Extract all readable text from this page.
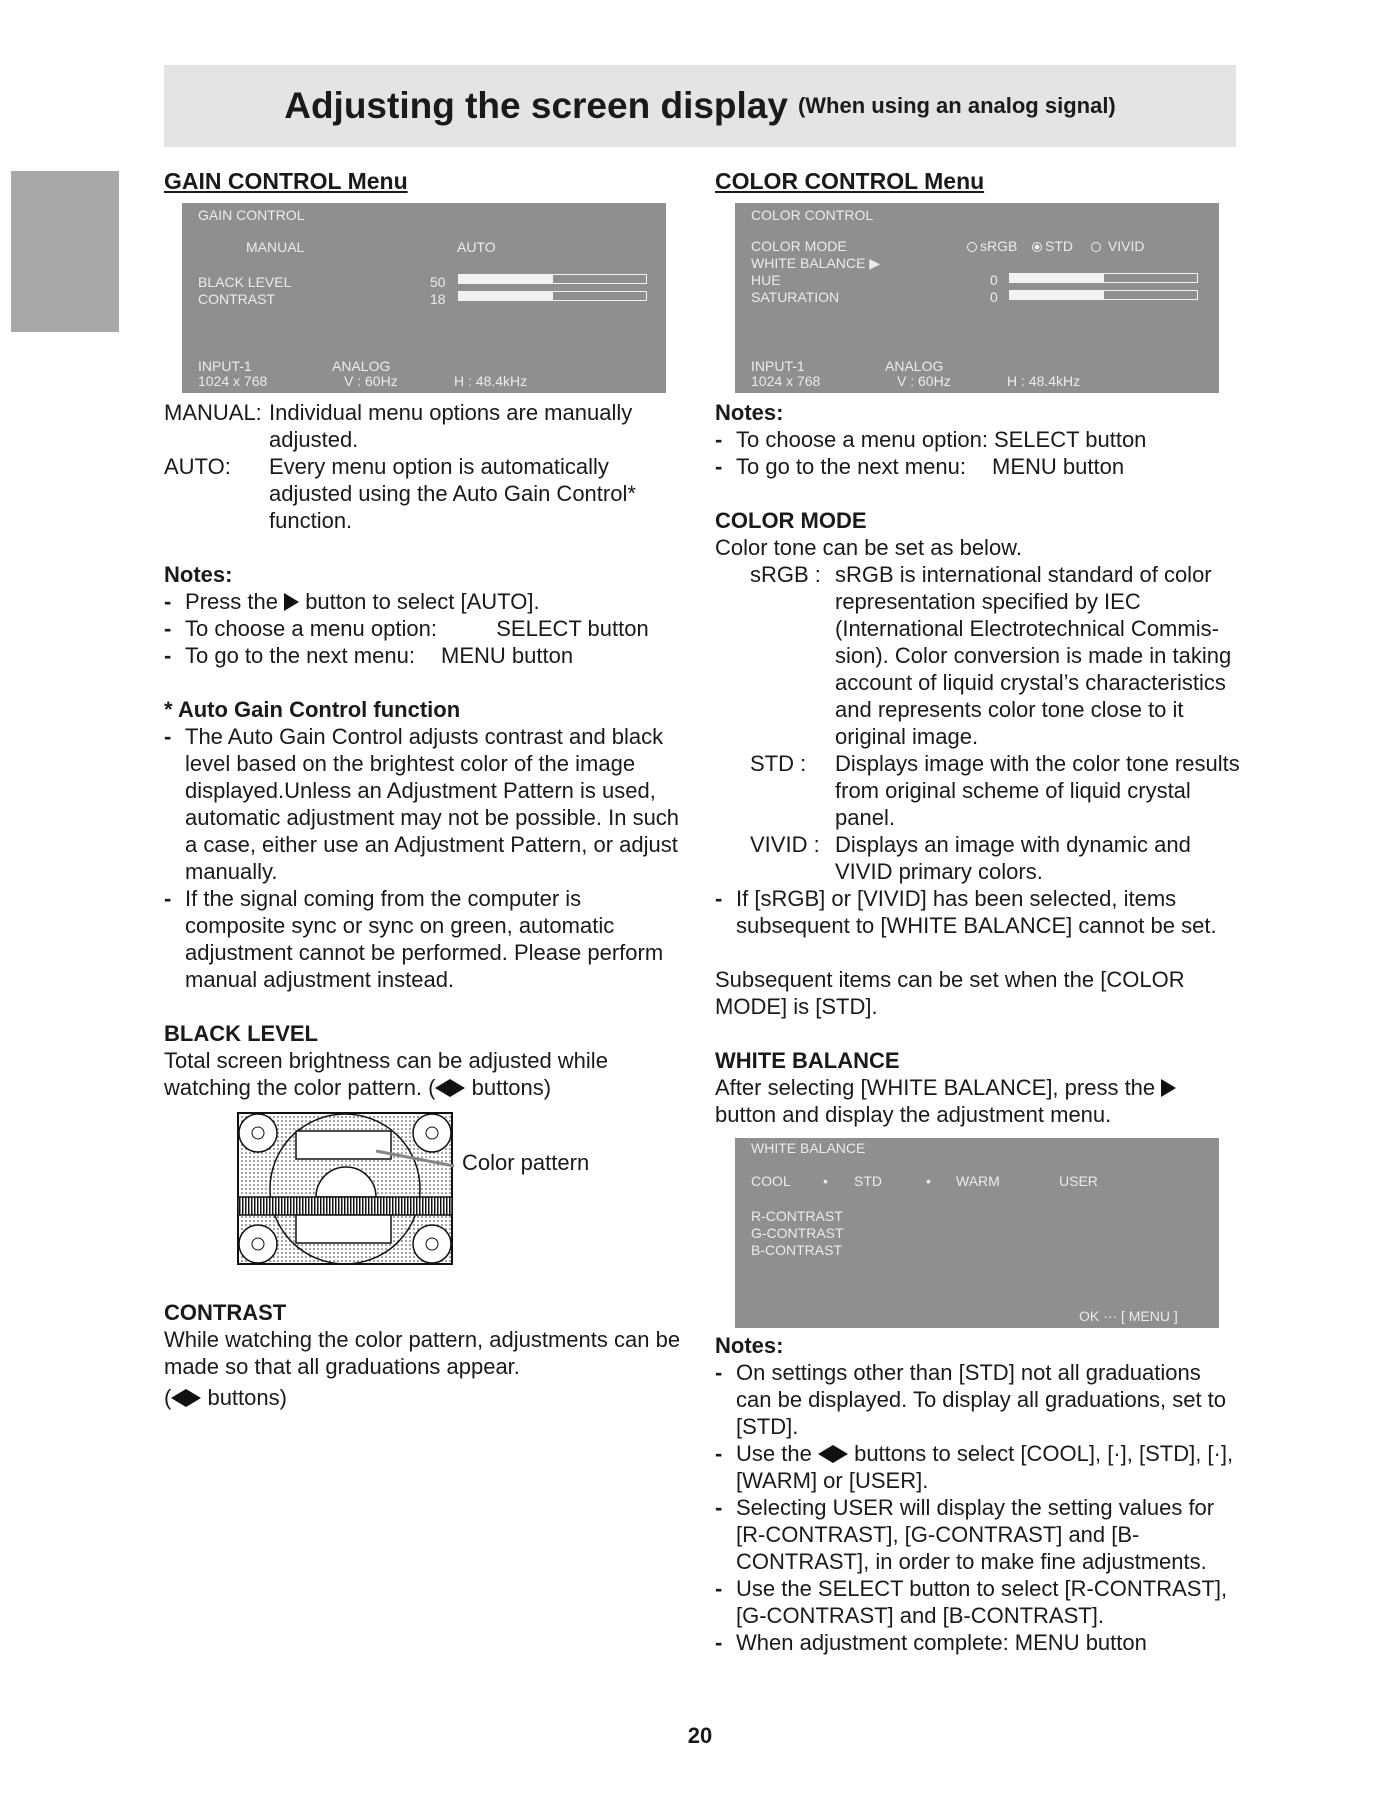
Adjusting the screen display (When using an analog signal)
GAIN CONTROL Menu
GAIN CONTROL
MANUAL	AUTO
BLACK LEVEL	50
CONTRAST	18
INPUT-1	ANALOG
1024 x 768	V : 60Hz	H : 48.4kHz
MANUAL: Individual menu options are manually adjusted.
AUTO:	Every menu option is automatically adjusted using the Auto Gain Control* function.
Notes:
- Press the button to select [AUTO].
- To choose a menu option:	SELECT button
- To go to the next menu: MENU button
* Auto Gain Control function
- The Auto Gain Control adjusts contrast and black level based on the brightest color of the image displayed.Unless an Adjustment Pattern is used, automatic adjustment may not be possible. In such a case, either use an Adjustment Pattern, or adjust manually.
- If the signal coming from the computer is composite sync or sync on green, automatic adjustment cannot be performed. Please perform manual adjustment instead.
BLACK LEVEL
Total screen brightness can be adjusted while watching the color pattern. ( buttons)
Color pattern
CONTRAST
While watching the color pattern, adjustments can be made so that all graduations appear.
( buttons)
COLOR CONTROL Menu
COLOR CONTROL
COLOR MODE	sRGB	STD	VIVID
WHITE BALANCE ▶
HUE	0
SATURATION	0
INPUT-1	ANALOG
1024 x 768	V : 60Hz	H : 48.4kHz
Notes:
- To choose a menu option: SELECT button
- To go to the next menu: MENU button
COLOR MODE
Color tone can be set as below.
sRGB : sRGB is international standard of color representation specified by IEC (International Electrotechnical Commis- sion). Color conversion is made in taking account of liquid crystal’s characteristics and represents color tone close to it original image.
STD :	Displays image with the color tone results from original scheme of liquid crystal panel.
VIVID : Displays an image with dynamic and VIVID primary colors.
- If [sRGB] or [VIVID] has been selected, items subsequent to [WHITE BALANCE] cannot be set.
Subsequent items can be set when the [COLOR MODE] is [STD].
WHITE BALANCE
After selecting [WHITE BALANCE], press the  button and display the adjustment menu.
WHITE BALANCE
COOL • STD	• WARM	USER
R-CONTRAST
G-CONTRAST
B-CONTRAST
OK ··· [ MENU ]
Notes:
- On settings other than [STD] not all graduations can be displayed. To display all graduations, set to [STD].
- Use the buttons to select [COOL], [·], [STD], [·], [WARM] or [USER].
- Selecting USER will display the setting values for [R-CONTRAST], [G-CONTRAST] and [B- CONTRAST], in order to make fine adjustments.
- Use the SELECT button to select [R-CONTRAST], [G-CONTRAST] and [B-CONTRAST].
- When adjustment complete: MENU button
20
